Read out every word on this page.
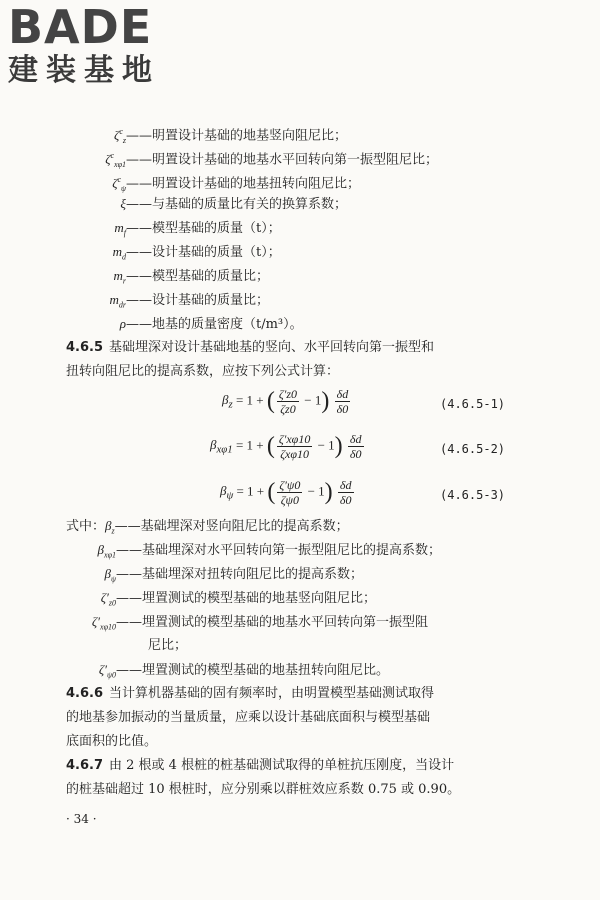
BADE
建装基地
$\zeta^c_z——$明置设计基础的地基竖向阻尼比；
$\zeta^c_{x\varphi 1}——$明置设计基础的地基水平回转向第一振型阻尼比；
$\zeta^c_\psi——$明置设计基础的地基扭转向阻尼比；
ξ——与基础的质量比有关的换算系数；
$m_f——$模型基础的质量（t）；
$m_d——$设计基础的质量（t）；
$m_r——$模型基础的质量比；
$m_{dr}——$设计基础的质量比；
ρ——地基的质量密度（t/m³）。
4.6.5 基础埋深对设计基础地基的竖向、水平回转向第一振型和
扭转向阻尼比的提高系数，应按下列公式计算：
$\beta_z = 1$ + ( $\frac{\zeta'z0}{\zeta z0} - 1) \frac{\delta d}{\delta 0}$	(4.6.5-1)
$\beta_{x\varphi 1} = 1$ + ( $\frac{\zeta'x\varphi 10}{\text{ζxφ10}} - 1) \frac{\delta d}{\delta 0}$	(4.6.5-2)
$\beta_\psi = 1$ + ( $\frac{\zeta'\psi 0}{\zeta\psi 0} - 1) \frac{\delta d}{\delta 0}$	(4.6.5-3)
式中：$\beta_z——$基础埋深对竖向阻尼比的提高系数；
$\beta_{x\varphi 1}——$基础埋深对水平回转向第一振型阻尼比的提高系数；
$\beta_\psi——$基础埋深对扭转向阻尼比的提高系数；
$\zeta'_{z0}——$埋置测试的模型基础的地基竖向阻尼比；
$\zeta'_{x\varphi 10}——$埋置测试的模型基础的地基水平回转向第一振型阻
尼比；
$\zeta'_{\psi 0}——$埋置测试的模型基础的地基扭转向阻尼比。
4.6.6 当计算机器基础的固有频率时，由明置模型基础测试取得
的地基参加振动的当量质量，应乘以设计基础底面积与模型基础
底面积的比值。
4.6.7 由 2 根或 4 根桩的桩基础测试取得的单桩抗压刚度，当设计
的桩基础超过 10 根桩时，应分别乘以群桩效应系数 0.75 或 0.90。
· 34 ·
